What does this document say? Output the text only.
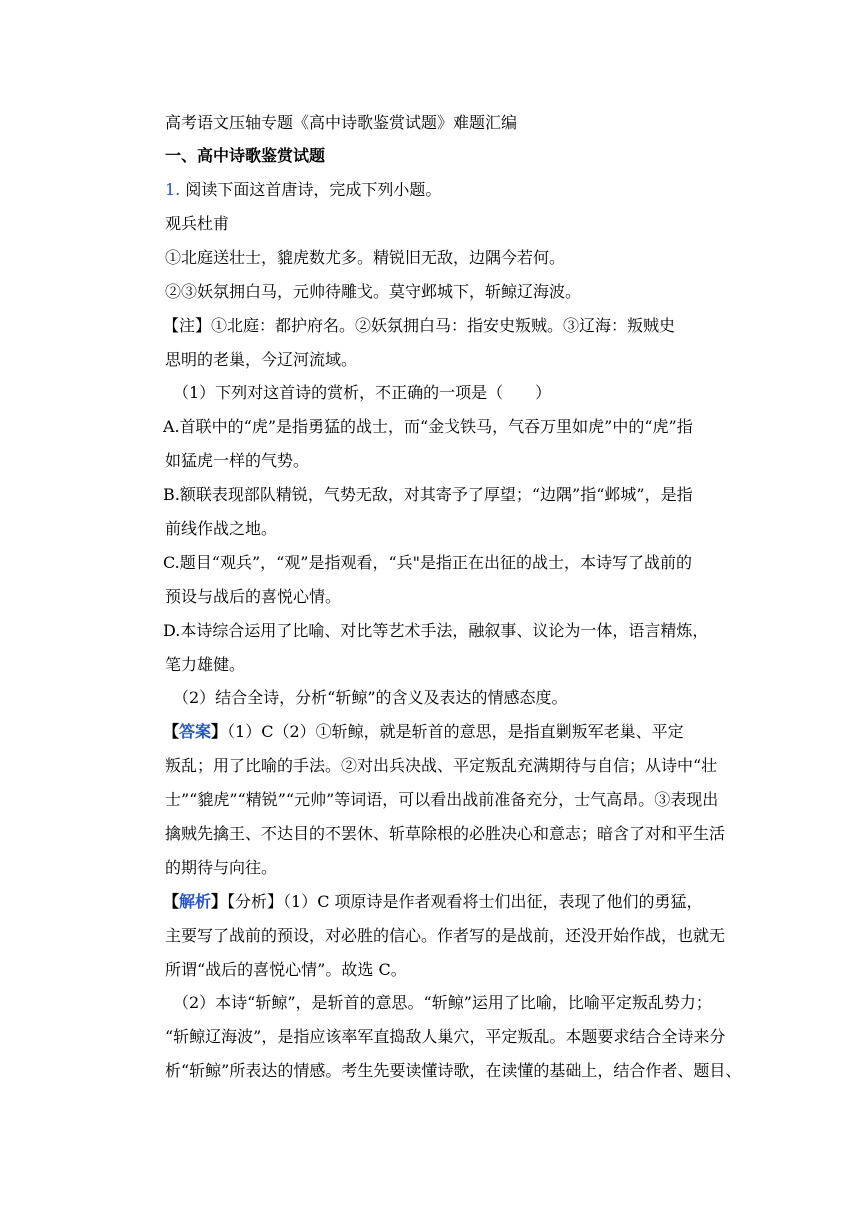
高考语文压轴专题《高中诗歌鉴赏试题》难题汇编
一、高中诗歌鉴赏试题
1. 阅读下面这首唐诗，完成下列小题。
观兵杜甫
①北庭送壮士，貔虎数尤多。精锐旧无敌，边隅今若何。
②③妖氛拥白马，元帅待雕戈。莫守邺城下，斩鲸辽海波。
【注】①北庭：都护府名。②妖氛拥白马：指安史叛贼。③辽海：叛贼史
思明的老巢，今辽河流域。
（1）下列对这首诗的赏析，不正确的一项是（　　）
A.首联中的“虎”是指勇猛的战士，而“金戈铁马，气吞万里如虎”中的“虎”指
如猛虎一样的气势。
B.额联表现部队精锐，气势无敌，对其寄予了厚望；“边隅”指“邺城”，是指
前线作战之地。
C.题目“观兵”，“观”是指观看，“兵"是指正在出征的战士，本诗写了战前的
预设与战后的喜悦心情。
D.本诗综合运用了比喻、对比等艺术手法，融叙事、议论为一体，语言精炼，
笔力雄健。
（2）结合全诗，分析“斩鲸”的含义及表达的情感态度。
【答案】（1）C（2）①斩鲸，就是斩首的意思，是指直剿叛军老巢、平定
叛乱；用了比喻的手法。②对出兵决战、平定叛乱充满期待与自信；从诗中“壮
士”“貔虎”“精锐”“元帅”等词语，可以看出战前准备充分，士气高昂。③表现出
擒贼先擒王、不达目的不罢休、斩草除根的必胜决心和意志；暗含了对和平生活
的期待与向往。
【解析】【分析】（1）C 项原诗是作者观看将士们出征，表现了他们的勇猛，
主要写了战前的预设，对必胜的信心。作者写的是战前，还没开始作战，也就无
所谓“战后的喜悦心情”。故选 C。
（2）本诗“斩鲸”，是斩首的意思。“斩鲸”运用了比喻，比喻平定叛乱势力；
“斩鲸辽海波”，是指应该率军直捣敌人巢穴，平定叛乱。本题要求结合全诗来分
析“斩鲸”所表达的情感。考生先要读懂诗歌，在读懂的基础上，结合作者、题目、
